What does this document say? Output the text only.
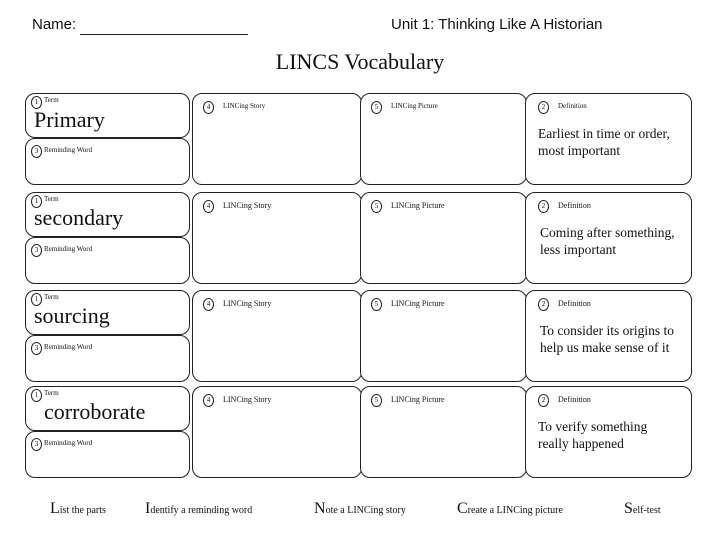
Name:	Unit 1: Thinking Like A Historian
LINCS Vocabulary
1 Term
Primary
3 Reminding Word
4	LINCing Story	5	LINCing Picture	2	Definition
Earliest in time or order,
most important
1 Term
secondary
3 Reminding Word
4	LINCing Story	5	LINCing Picture	2	Definition
Coming after something,
less important
1 Term
sourcing
3 Reminding Word
4	LINCing Story	5	LINCing Picture	2	Definition
To consider its origins to
help us make sense of it
1 Term
corroborate
3 Reminding Word
4	LINCing Story	5	LINCing Picture	2	Definition
To verify something
really happened
List the parts Identify a reminding word	Note a LINCing story	Create a LINCing picture	Self-test
